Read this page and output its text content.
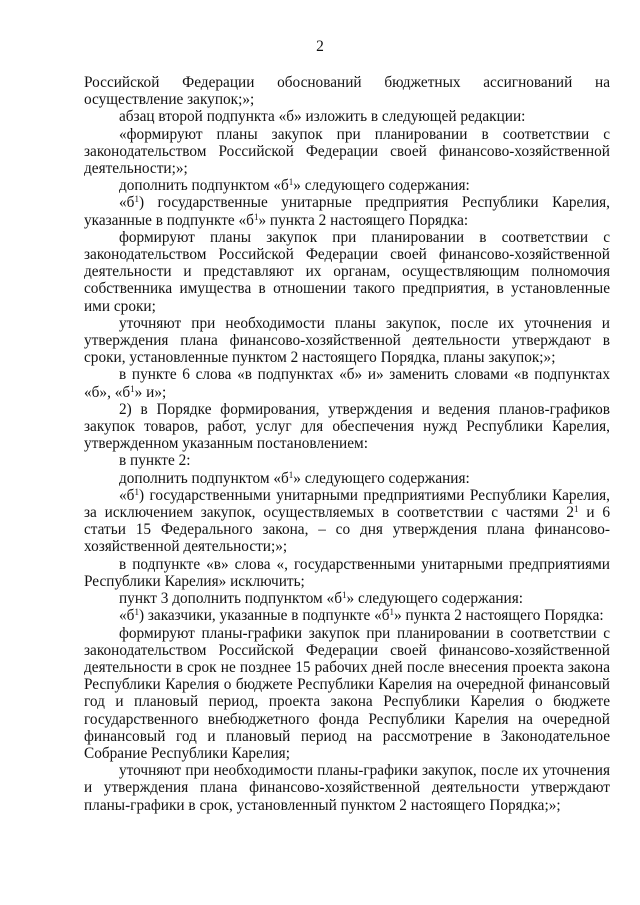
2

Российской Федерации обоснований бюджетных ассигнований на осуществление закупок;»;

абзац второй подпункта «б» изложить в следующей редакции:

«формируют планы закупок при планировании в соответствии с законодательством Российской Федерации своей финансово-хозяйственной деятельности;»;

дополнить подпунктом «$б^1$» следующего содержания:

«$б^1$) государственные унитарные предприятия Республики Карелия, указанные в подпункте «$б^1$» пункта 2 настоящего Порядка:

формируют планы закупок при планировании в соответствии с законодательством Российской Федерации своей финансово-хозяйственной деятельности и представляют их органам, осуществляющим полномочия собственника имущества в отношении такого предприятия, в установленные ими сроки;

уточняют при необходимости планы закупок, после их уточнения и утверждения плана финансово-хозяйственной деятельности утверждают в сроки, установленные пунктом 2 настоящего Порядка, планы закупок;»;

в пункте 6 слова «в подпунктах «б» и» заменить словами «в подпунктах «б», «$б^1$» и»;

2) в Порядке формирования, утверждения и ведения планов-графиков закупок товаров, работ, услуг для обеспечения нужд Республики Карелия, утвержденном указанным постановлением:

в пункте 2:

дополнить подпунктом «$б^1$» следующего содержания:

«$б^1$) государственными унитарными предприятиями Республики Карелия, за исключением закупок, осуществляемых в соответствии с частями $2^1$ и 6 статьи 15 Федерального закона, – со дня утверждения плана финансово-хозяйственной деятельности;»;

в подпункте «в» слова «, государственными унитарными предприятиями Республики Карелия» исключить;

пункт 3 дополнить подпунктом «$б^1$» следующего содержания:

«$б^1$) заказчики, указанные в подпункте «$б^1$» пункта 2 настоящего Порядка:

формируют планы-графики закупок при планировании в соответствии с законодательством Российской Федерации своей финансово-хозяйственной деятельности в срок не позднее 15 рабочих дней после внесения проекта закона Республики Карелия о бюджете Республики Карелия на очередной финансовый год и плановый период, проекта закона Республики Карелия о бюджете государственного внебюджетного фонда Республики Карелия на очередной финансовый год и плановый период на рассмотрение в Законодательное Собрание Республики Карелия;

уточняют при необходимости планы-графики закупок, после их уточнения и утверждения плана финансово-хозяйственной деятельности утверждают планы-графики в срок, установленный пунктом 2 настоящего Порядка;»;
